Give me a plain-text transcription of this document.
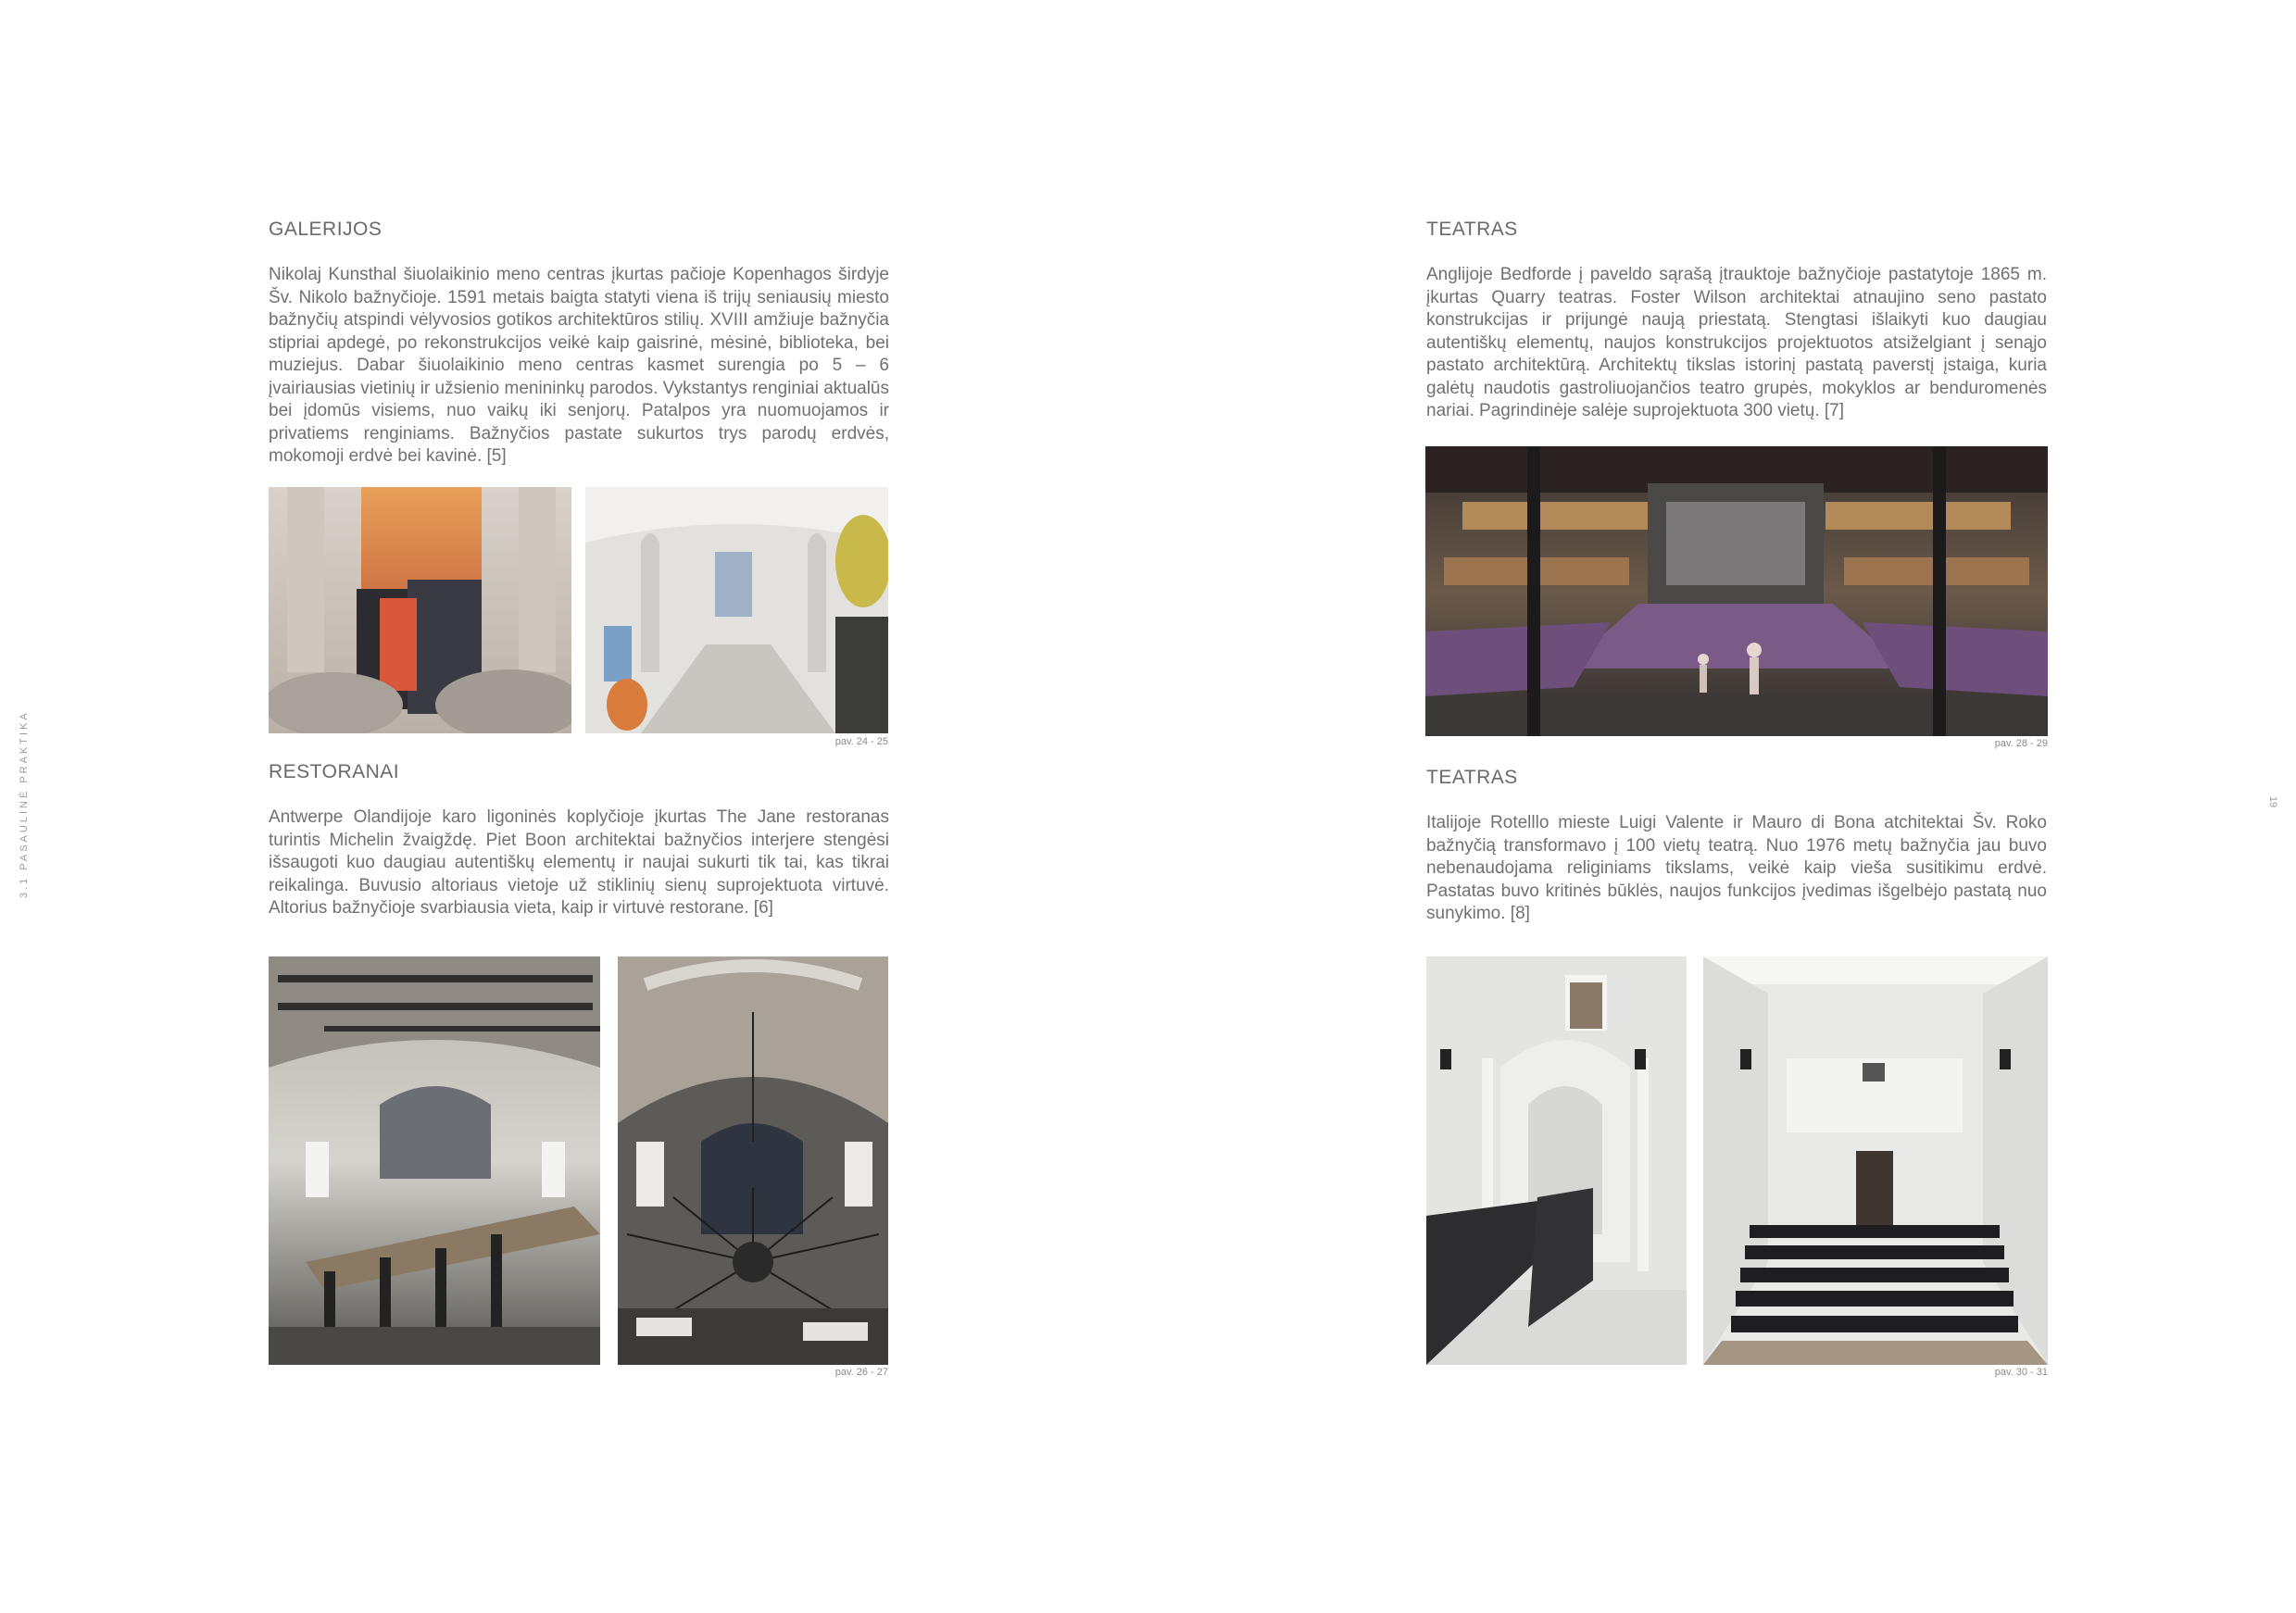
3.1 PASAULINĖ PRAKTIKA	19
GALERIJOS

Nikolaj Kunsthal šiuolaikinio meno centras įkurtas pačioje Kopenhagos širdyje Šv. Nikolo bažnyčioje. 1591 metais baigta statyti viena iš trijų seniausių miesto bažnyčių atspindi vėlyvosios gotikos architektūros stilių. XVIII amžiuje bažnyčia stipriai apdegė, po rekonstrukcijos veikė kaip gaisrinė, mėsinė, biblioteka, bei muziejus. Dabar šiuolaikinio meno centras kasmet surengia po 5 – 6 įvairiausias vietinių ir užsienio menininkų parodos. Vykstantys renginiai aktualūs bei įdomūs visiems, nuo vaikų iki senjorų. Patalpos yra nuomuojamos ir privatiems renginiams. Bažnyčios pastate sukurtos trys parodų erdvės, mokomoji erdvė bei kavinė. [5]

pav. 24 - 25
RESTORANAI

Antwerpe Olandijoje karo ligoninės koplyčioje įkurtas The Jane restoranas turintis Michelin žvaigždę. Piet Boon architektai bažnyčios interjere stengėsi išsaugoti kuo daugiau autentiškų elementų ir naujai sukurti tik tai, kas tikrai reikalinga. Buvusio altoriaus vietoje už stiklinių sienų suprojektuota virtuvė. Altorius bažnyčioje svarbiausia vieta, kaip ir virtuvė restorane. [6]

pav. 26 - 27
TEATRAS

Anglijoje Bedforde į paveldo sąrašą įtrauktoje bažnyčioje pastatytoje 1865 m. įkurtas Quarry teatras. Foster Wilson architektai atnaujino seno pastato konstrukcijas ir prijungė naują priestatą. Stengtasi išlaikyti kuo daugiau autentiškų elementų, naujos konstrukcijos projektuotos atsiželgiant į senąjo pastato architektūrą. Architektų tikslas istorinį pastatą paverstį įstaiga, kuria galėtų naudotis gastroliuojančios teatro grupės, mokyklos ar benduromenės nariai. Pagrindinėje salėje suprojektuota 300 vietų. [7]

pav. 28 - 29
TEATRAS

Italijoje Rotelllo mieste Luigi Valente ir Mauro di Bona atchitektai Šv. Roko bažnyčią transformavo į 100 vietų teatrą. Nuo 1976 metų bažnyčia jau buvo nebenaudojama religiniams tikslams, veikė kaip vieša susitikimu erdvė. Pastatas buvo kritinės būklės, naujos funkcijos įvedimas išgelbėjo pastatą nuo sunykimo. [8]

pav. 30 - 31
